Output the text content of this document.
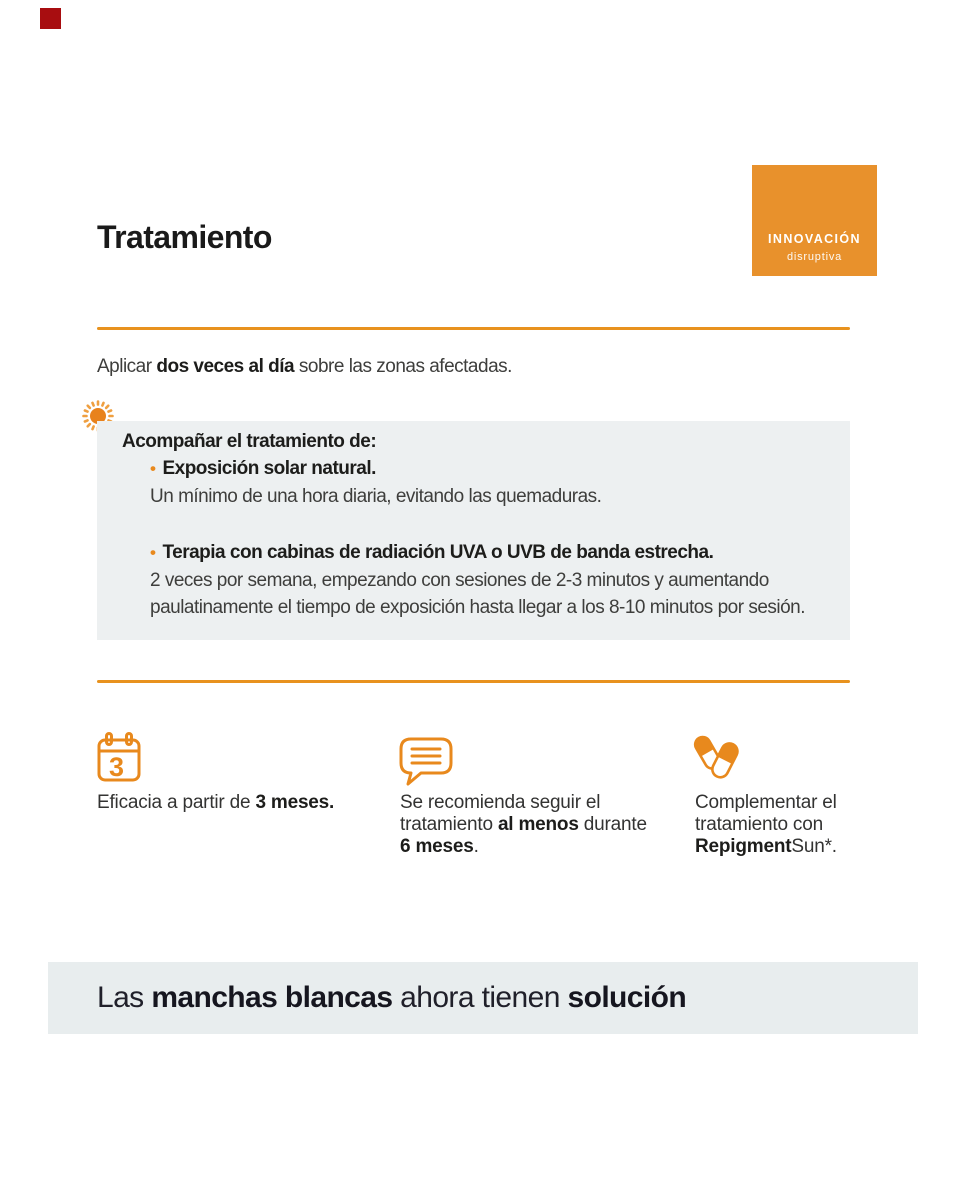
Tratamiento	INNOVACIÓN
disruptiva

Aplicar dos veces al día sobre las zonas afectadas.

Acompañar el tratamiento de:
• Exposición solar natural.
Un mínimo de una hora diaria, evitando las quemaduras.
• Terapia con cabinas de radiación UVA o UVB de banda estrecha.
2 veces por semana, empezando con sesiones de 2-3 minutos y aumentando
paulatinamente el tiempo de exposición hasta llegar a los 8-10 minutos por sesión.
3

Eficacia a partir de 3 meses.	Se recomienda seguir el
tratamiento al menos durante
6 meses.

Complementar el
tratamiento con
RepigmentSun*.

Las manchas blancas ahora tienen solución
